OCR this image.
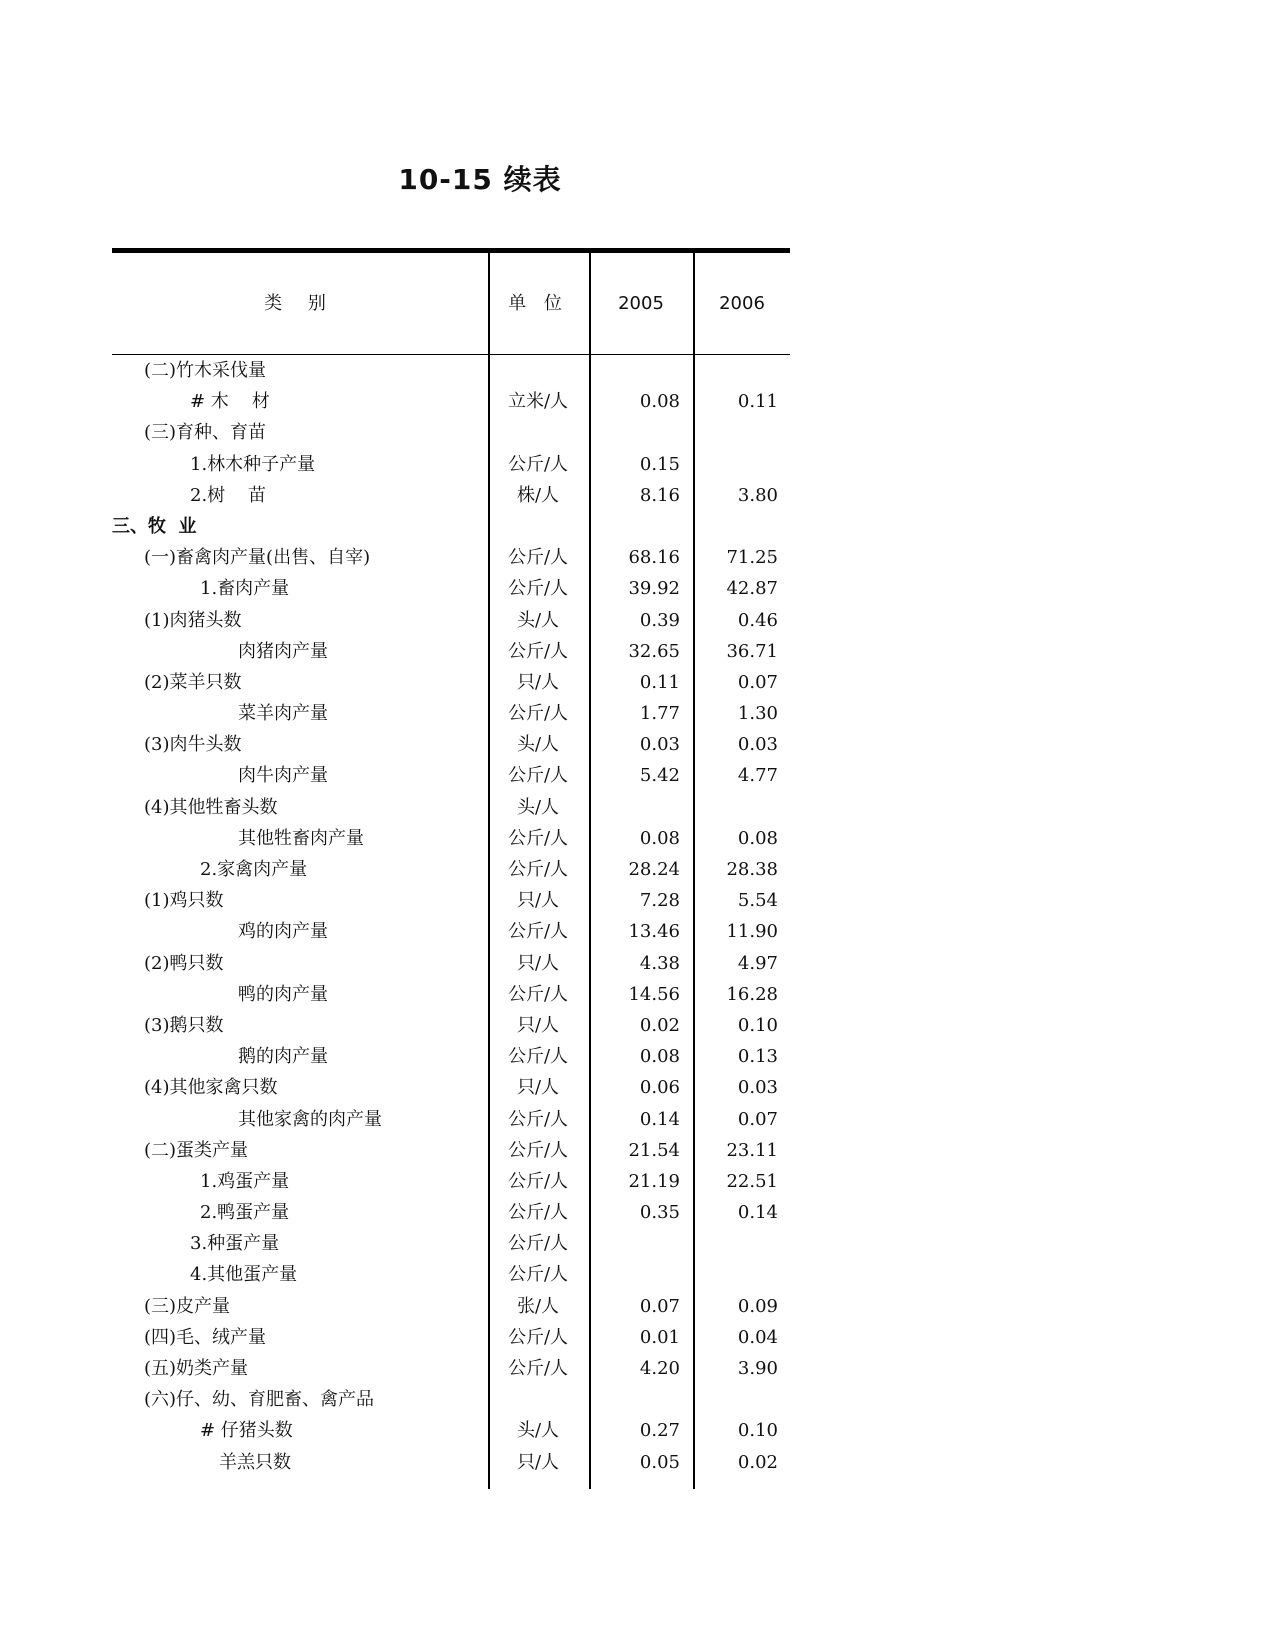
10-15 续表
类 别	单 位	2005	2006
(二)竹木采伐量
# 木    材	立米/人	0.08	0.11
(三)育种、育苗
1.林木种子产量	公斤/人	0.15
2.树    苗	株/人	8.16	3.80
三、牧  业
(一)畜禽肉产量(出售、自宰)	公斤/人	68.16	71.25
1.畜肉产量	公斤/人	39.92	42.87
(1)肉猪头数	头/人	0.39	0.46
肉猪肉产量	公斤/人	32.65	36.71
(2)菜羊只数	只/人	0.11	0.07
菜羊肉产量	公斤/人	1.77	1.30
(3)肉牛头数	头/人	0.03	0.03
肉牛肉产量	公斤/人	5.42	4.77
(4)其他牲畜头数	头/人
其他牲畜肉产量	公斤/人	0.08	0.08
2.家禽肉产量	公斤/人	28.24	28.38
(1)鸡只数	只/人	7.28	5.54
鸡的肉产量	公斤/人	13.46	11.90
(2)鸭只数	只/人	4.38	4.97
鸭的肉产量	公斤/人	14.56	16.28
(3)鹅只数	只/人	0.02	0.10
鹅的肉产量	公斤/人	0.08	0.13
(4)其他家禽只数	只/人	0.06	0.03
其他家禽的肉产量	公斤/人	0.14	0.07
(二)蛋类产量	公斤/人	21.54	23.11
1.鸡蛋产量	公斤/人	21.19	22.51
2.鸭蛋产量	公斤/人	0.35	0.14
3.种蛋产量	公斤/人
4.其他蛋产量	公斤/人
(三)皮产量	张/人	0.07	0.09
(四)毛、绒产量	公斤/人	0.01	0.04
(五)奶类产量	公斤/人	4.20	3.90
(六)仔、幼、育肥畜、禽产品
# 仔猪头数	头/人	0.27	0.10
羊羔只数	只/人	0.05	0.02
